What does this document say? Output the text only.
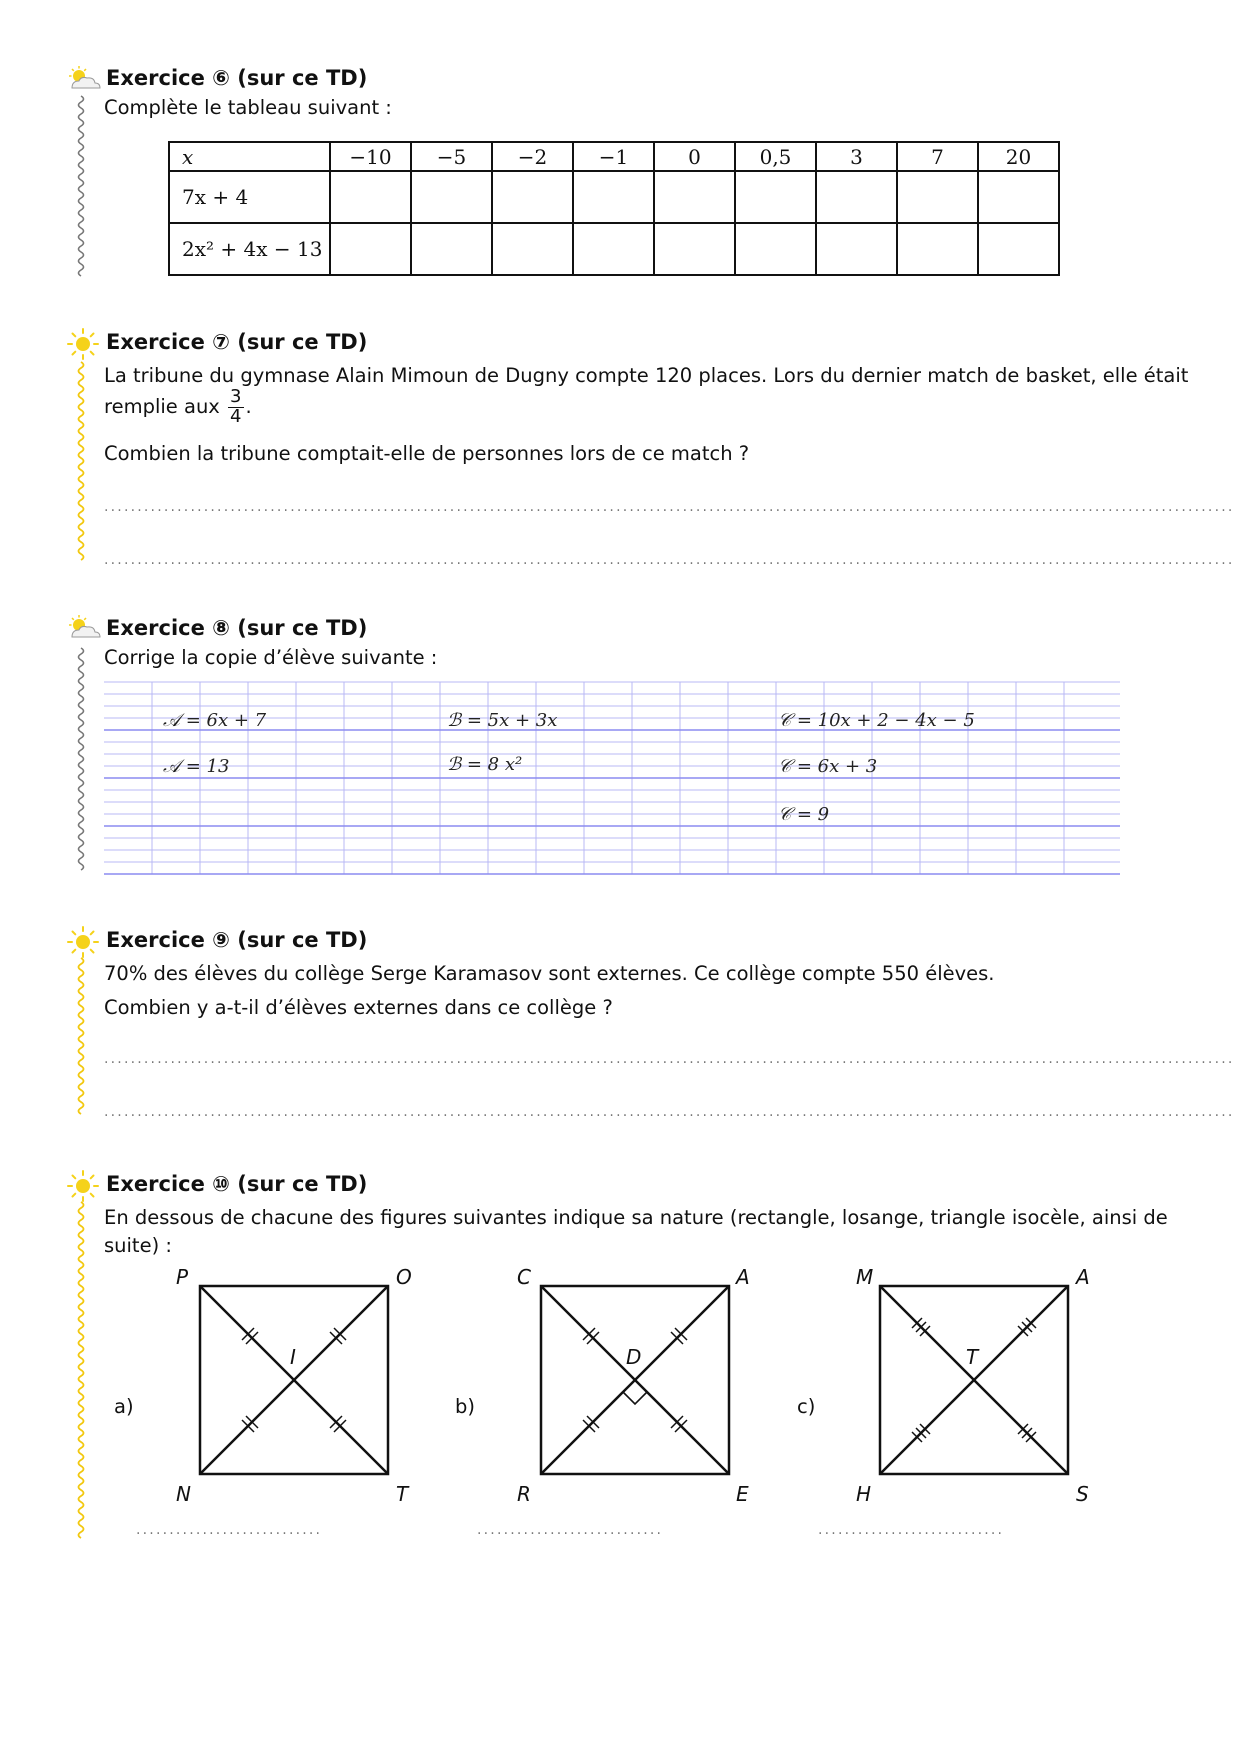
Exercice ⑥ (sur ce TD)
Complète le tableau suivant :
x	−10	−5	−2	−1	0	0,5	3	7	20
7x + 4									
2x² + 4x − 13									
Exercice ⑦ (sur ce TD)
La tribune du gymnase Alain Mimoun de Dugny compte 120 places. Lors du dernier match de basket, elle était
remplie aux $\frac{3}{4}$ .
Combien la tribune comptait-elle de personnes lors de ce match ?
..........................................................................................................................................................................
..........................................................................................................................................................................
Exercice ⑧ (sur ce TD)
Corrige la copie d’élève suivante :
𝒜 = 6x + 7
𝒜 = 13
ℬ = 5x + 3x
ℬ = 8 x²
𝒞 = 10x + 2 − 4x − 5
𝒞 = 6x + 3
𝒞 = 9
Exercice ⑨ (sur ce TD)
70% des élèves du collège Serge Karamasov sont externes. Ce collège compte 550 élèves.
Combien y a-t-il d’élèves externes dans ce collège ?
..........................................................................................................................................................................
..........................................................................................................................................................................
Exercice ⑩ (sur ce TD)
En dessous de chacune des figures suivantes indique sa nature (rectangle, losange, triangle isocèle, ainsi de
suite) :
a)
P	O
N	T
I
............................
b)
C	A
R	E
D
............................
c)
M	A
H	S
T
............................
